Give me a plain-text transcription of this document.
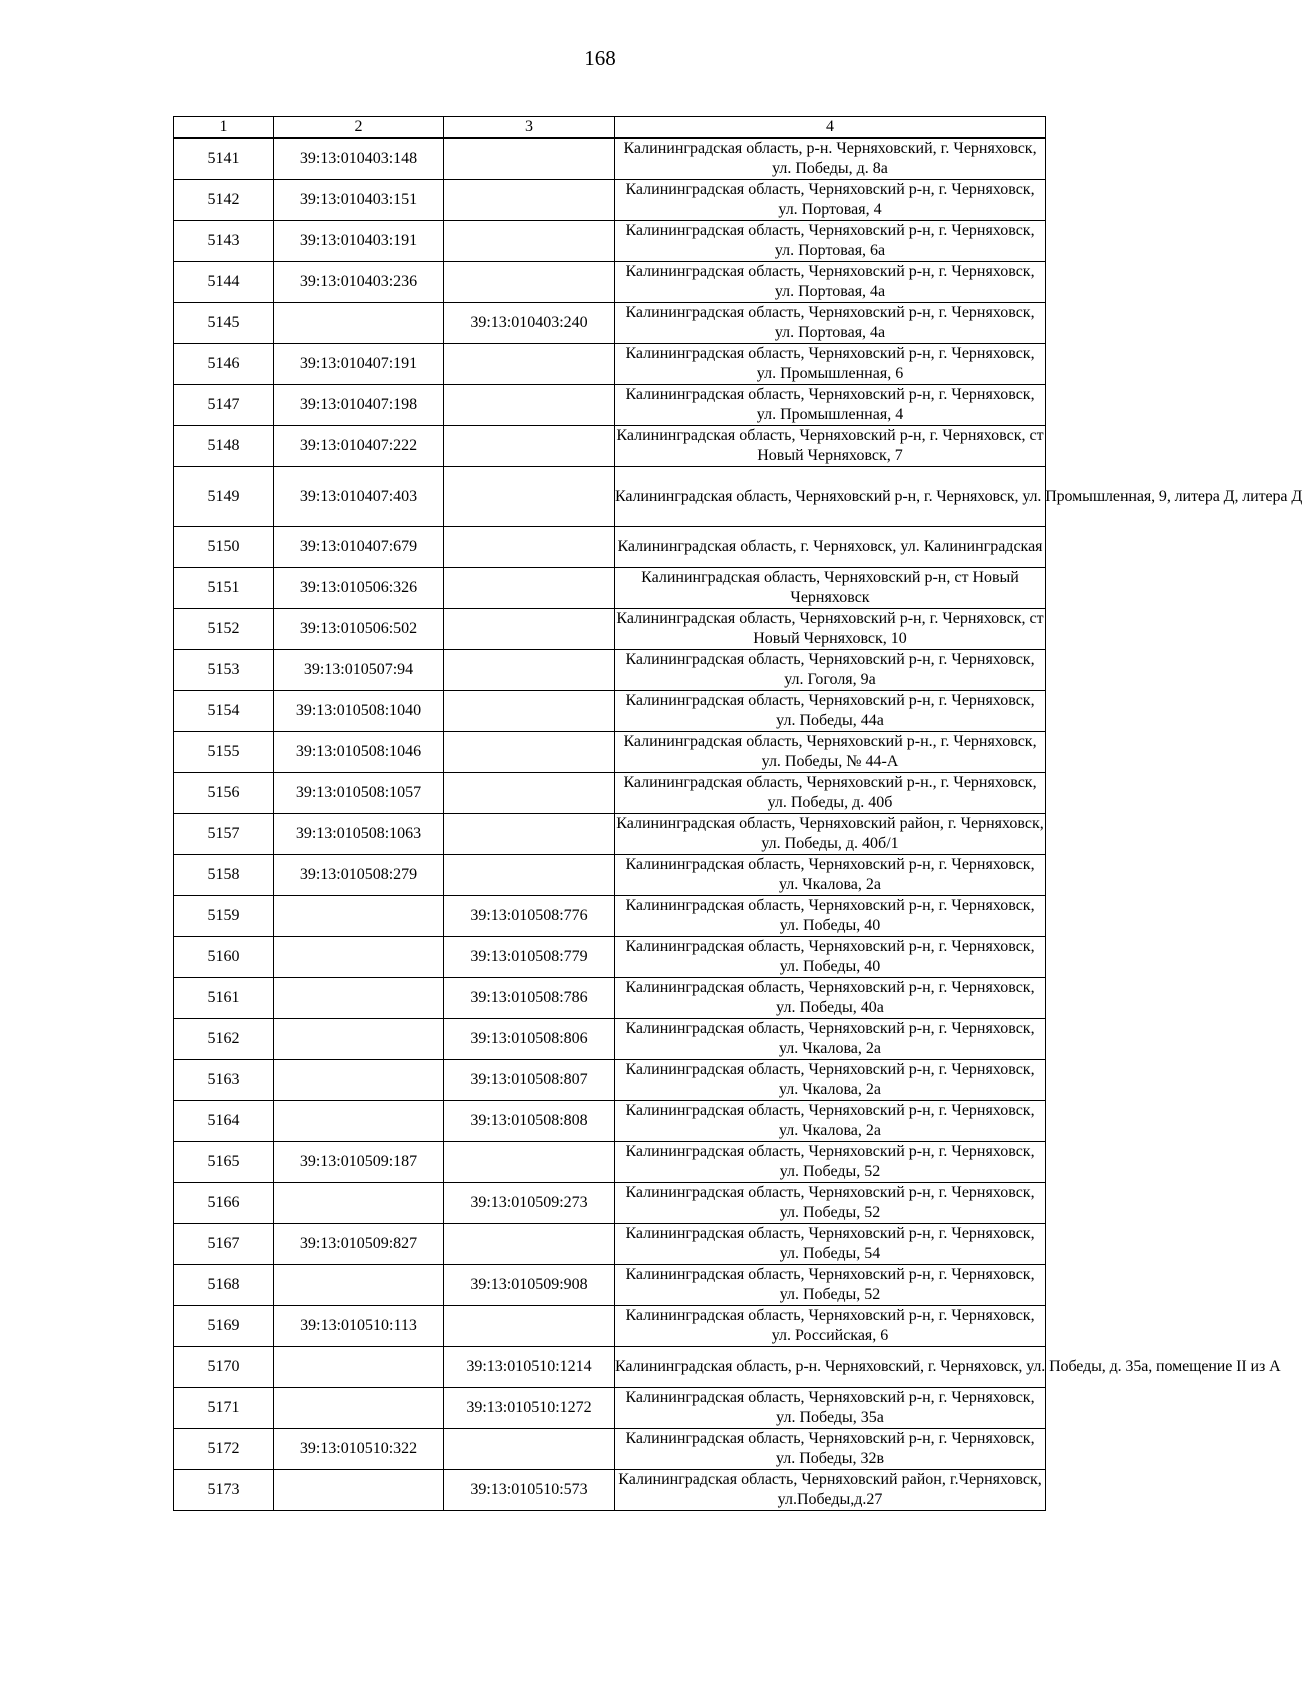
168
1	2	3	4
5141	39:13:010403:148		Калининградская область, р-н. Черняховский, г. Черняховск, ул. Победы, д. 8а
5142	39:13:010403:151		Калининградская область, Черняховский р-н, г. Черняховск, ул. Портовая, 4
5143	39:13:010403:191		Калининградская область, Черняховский р-н, г. Черняховск, ул. Портовая, 6а
5144	39:13:010403:236		Калининградская область, Черняховский р-н, г. Черняховск, ул. Портовая, 4а
5145		39:13:010403:240	Калининградская область, Черняховский р-н, г. Черняховск, ул. Портовая, 4а
5146	39:13:010407:191		Калининградская область, Черняховский р-н, г. Черняховск, ул. Промышленная, 6
5147	39:13:010407:198		Калининградская область, Черняховский р-н, г. Черняховск, ул. Промышленная, 4
5148	39:13:010407:222		Калининградская область, Черняховский р-н, г. Черняховск, ст Новый Черняховск, 7
5149	39:13:010407:403		Калининградская область, Черняховский р-н, г. Черняховск, ул. Промышленная, 9, литера Д, литера Д
5150	39:13:010407:679		Калининградская область, г. Черняховск, ул. Калининградская
5151	39:13:010506:326		Калининградская область, Черняховский р-н, ст Новый Черняховск
5152	39:13:010506:502		Калининградская область, Черняховский р-н, г. Черняховск, ст Новый Черняховск, 10
5153	39:13:010507:94		Калининградская область, Черняховский р-н, г. Черняховск, ул. Гоголя, 9а
5154	39:13:010508:1040		Калининградская область, Черняховский р-н, г. Черняховск, ул. Победы, 44а
5155	39:13:010508:1046		Калининградская область, Черняховский р-н., г. Черняховск, ул. Победы, № 44-А
5156	39:13:010508:1057		Калининградская область, Черняховский р-н., г. Черняховск, ул. Победы, д. 40б
5157	39:13:010508:1063		Калининградская область, Черняховский район, г. Черняховск, ул. Победы, д. 40б/1
5158	39:13:010508:279		Калининградская область, Черняховский р-н, г. Черняховск, ул. Чкалова, 2а
5159		39:13:010508:776	Калининградская область, Черняховский р-н, г. Черняховск, ул. Победы, 40
5160		39:13:010508:779	Калининградская область, Черняховский р-н, г. Черняховск, ул. Победы, 40
5161		39:13:010508:786	Калининградская область, Черняховский р-н, г. Черняховск, ул. Победы, 40а
5162		39:13:010508:806	Калининградская область, Черняховский р-н, г. Черняховск, ул. Чкалова, 2а
5163		39:13:010508:807	Калининградская область, Черняховский р-н, г. Черняховск, ул. Чкалова, 2а
5164		39:13:010508:808	Калининградская область, Черняховский р-н, г. Черняховск, ул. Чкалова, 2а
5165	39:13:010509:187		Калининградская область, Черняховский р-н, г. Черняховск, ул. Победы, 52
5166		39:13:010509:273	Калининградская область, Черняховский р-н, г. Черняховск, ул. Победы, 52
5167	39:13:010509:827		Калининградская область, Черняховский р-н, г. Черняховск, ул. Победы, 54
5168		39:13:010509:908	Калининградская область, Черняховский р-н, г. Черняховск, ул. Победы, 52
5169	39:13:010510:113		Калининградская область, Черняховский р-н, г. Черняховск, ул. Российская, 6
5170		39:13:010510:1214	Калининградская область, р-н. Черняховский, г. Черняховск, ул. Победы, д. 35а, помещение II из А
5171		39:13:010510:1272	Калининградская область, Черняховский р-н, г. Черняховск, ул. Победы, 35а
5172	39:13:010510:322		Калининградская область, Черняховский р-н, г. Черняховск, ул. Победы, 32в
5173		39:13:010510:573	Калининградская область, Черняховский район, г.Черняховск, ул.Победы,д.27
